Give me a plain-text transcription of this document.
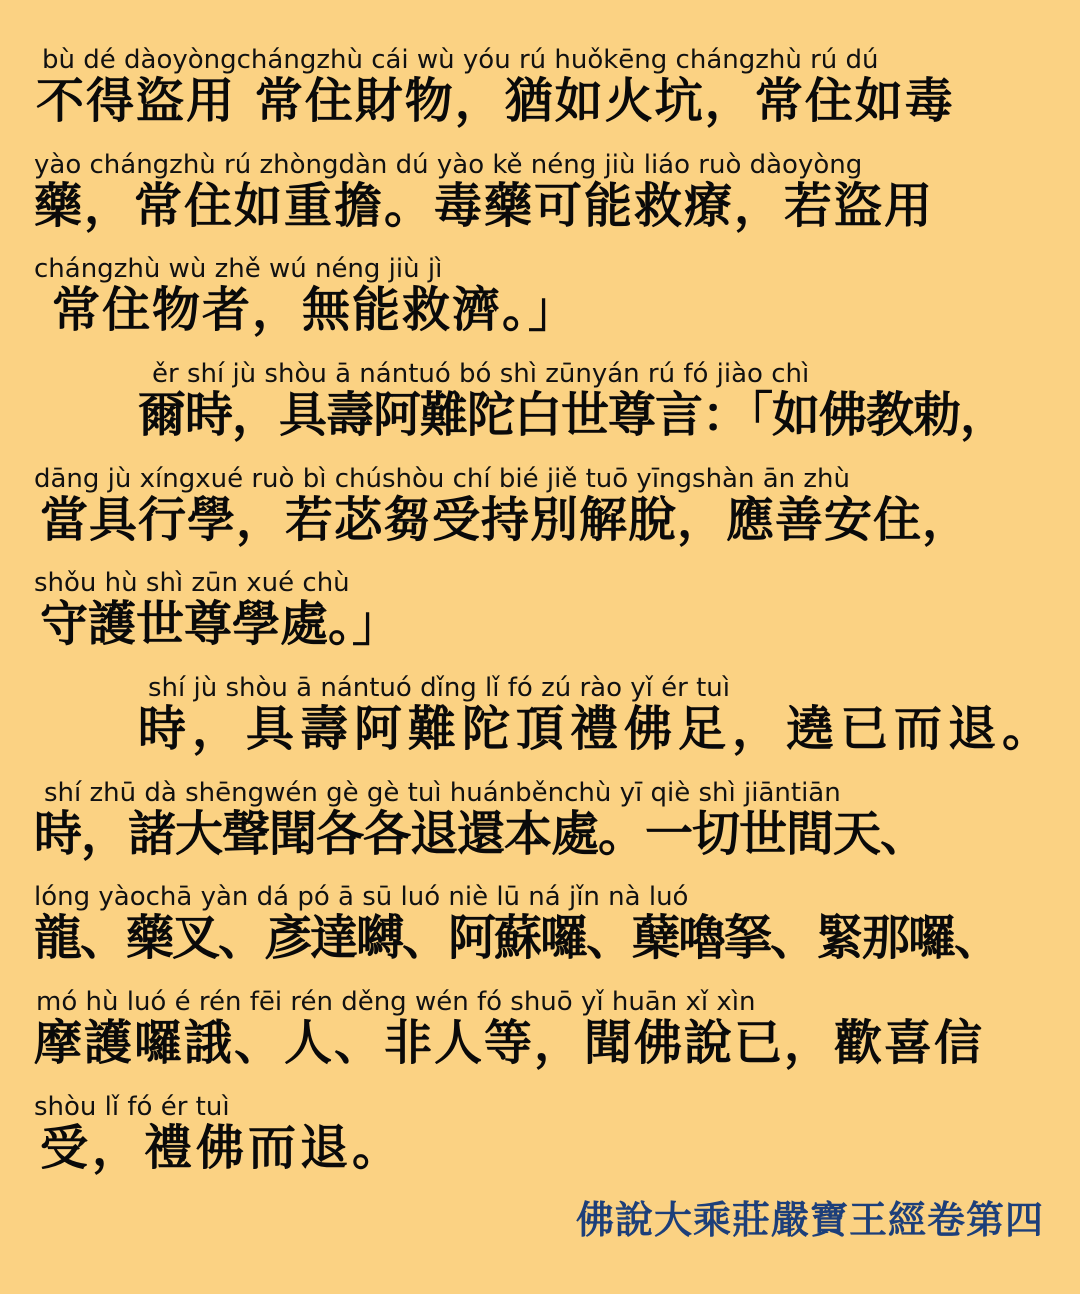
bù dé dàoyòngchángzhù cái wù yóu rú huǒkēng chángzhù rú dú
不得盜用 常住財物，猶如火坑，常住如毒
yào chángzhù rú zhòngdàn dú yào kě néng jiù liáo ruò dàoyòng
藥，常住如重擔。毒藥可能救療，若盜用
chángzhù wù zhě wú néng jiù jì
常住物者，無能救濟。」
ěr shí jù shòu ā nántuó bó shì zūnyán rú fó jiào chì
爾時，具壽阿難陀白世尊言：「如佛教勅，
dāng jù xíngxué ruò bì chúshòu chí bié jiě tuō yīngshàn ān zhù
當具行學，若苾芻受持別解脫，應善安住，
shǒu hù shì zūn xué chù
守護世尊學處。」
shí jù shòu ā nántuó dǐng lǐ fó zú rào yǐ ér tuì
時，具壽阿難陀頂禮佛足，遶已而退。
shí zhū dà shēngwén gè gè tuì huánběnchù yī qiè shì jiāntiān
時，諸大聲聞各各退還本處。一切世間天、
lóng yàochā yàn dá pó ā sū luó niè lū ná jǐn nà luó
龍、藥叉、彥達嚩、阿蘇囉、蘖嚕拏、緊那囉、
mó hù luó é rén fēi rén děng wén fó shuō yǐ huān xǐ xìn
摩護囉誐、人、非人等，聞佛說已，歡喜信
shòu lǐ fó ér tuì
受，禮佛而退。
佛說大乘莊嚴寶王經卷第四
